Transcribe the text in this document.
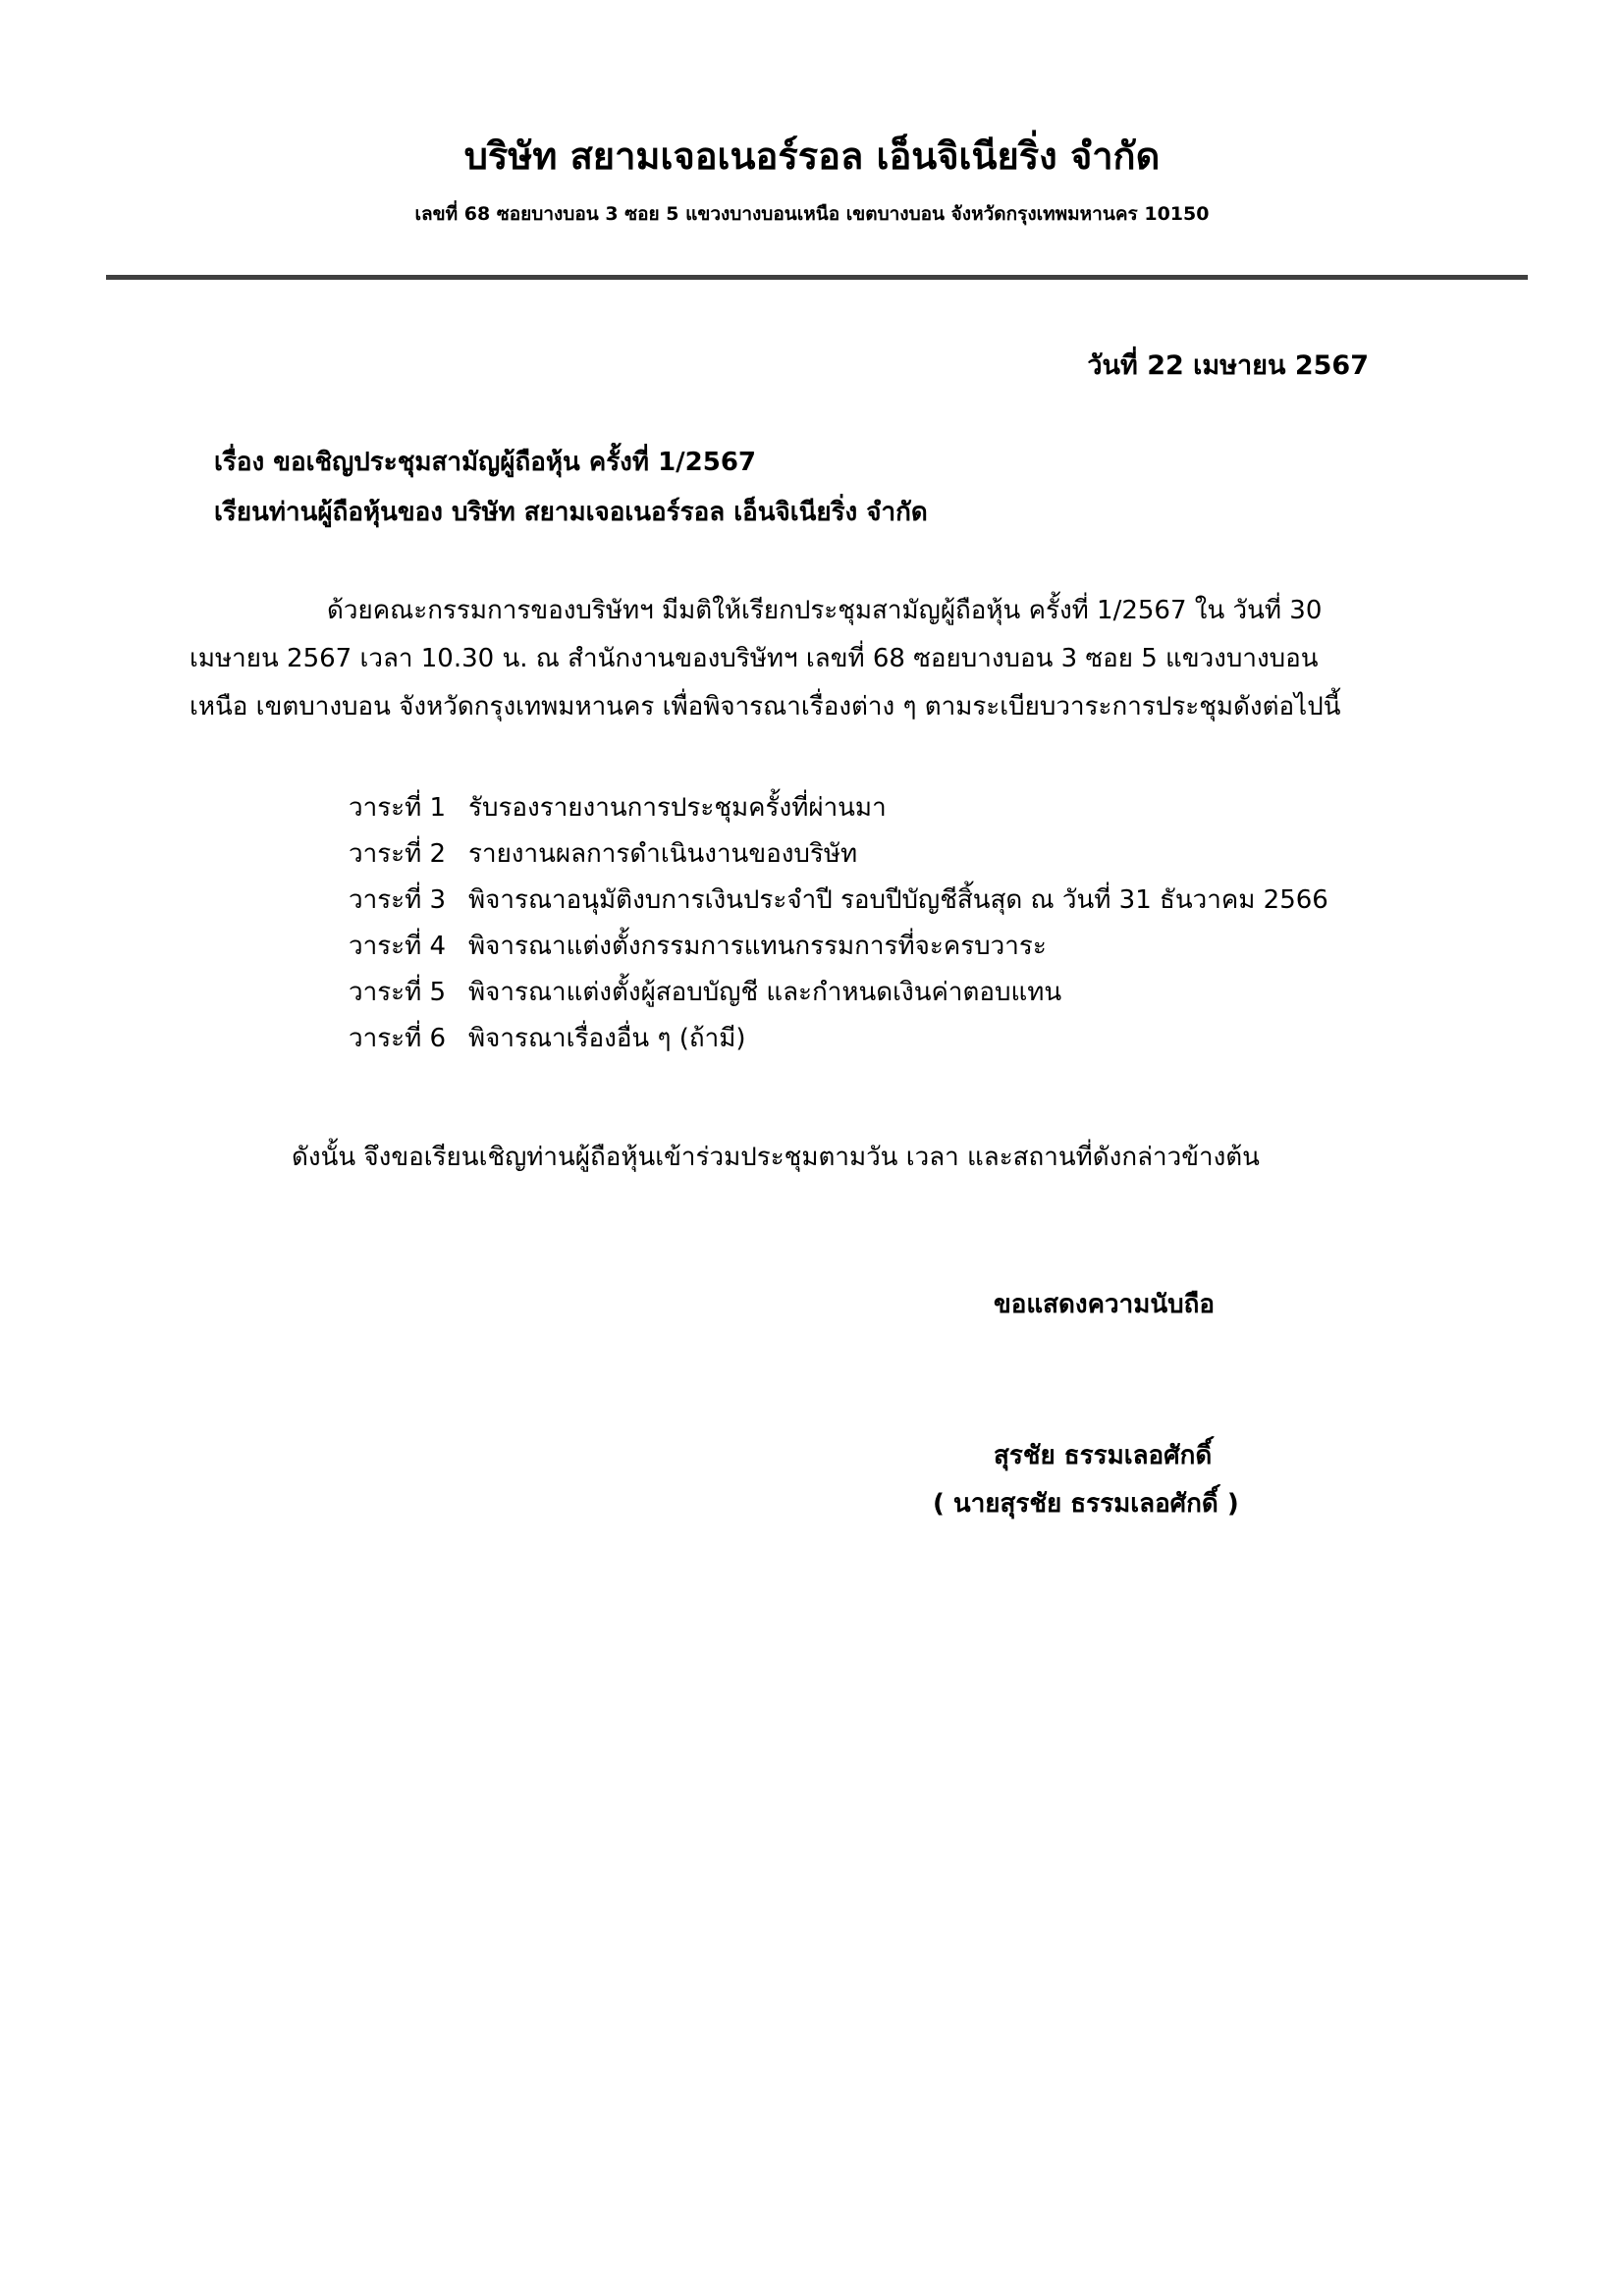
บริษัท สยามเจอเนอร์รอล เอ็นจิเนียริ่ง จำกัด
เลขที่ 68 ซอยบางบอน 3 ซอย 5 แขวงบางบอนเหนือ เขตบางบอน จังหวัดกรุงเทพมหานคร 10150
วันที่ 22 เมษายน 2567
เรื่อง ขอเชิญประชุมสามัญผู้ถือหุ้น ครั้งที่ 1/2567
เรียนท่านผู้ถือหุ้นของ บริษัท สยามเจอเนอร์รอล เอ็นจิเนียริ่ง จำกัด
ด้วยคณะกรรมการของบริษัทฯ มีมติให้เรียกประชุมสามัญผู้ถือหุ้น ครั้งที่ 1/2567 ใน วันที่ 30
เมษายน 2567 เวลา 10.30 น. ณ สำนักงานของบริษัทฯ เลขที่ 68 ซอยบางบอน 3 ซอย 5 แขวงบางบอน
เหนือ เขตบางบอน จังหวัดกรุงเทพมหานคร เพื่อพิจารณาเรื่องต่าง ๆ ตามระเบียบวาระการประชุมดังต่อไปนี้
วาระที่ 1 รับรองรายงานการประชุมครั้งที่ผ่านมา
วาระที่ 2 รายงานผลการดำเนินงานของบริษัท
วาระที่ 3 พิจารณาอนุมัติงบการเงินประจำปี รอบปีบัญชีสิ้นสุด ณ วันที่ 31 ธันวาคม 2566
วาระที่ 4 พิจารณาแต่งตั้งกรรมการแทนกรรมการที่จะครบวาระ
วาระที่ 5 พิจารณาแต่งตั้งผู้สอบบัญชี และกำหนดเงินค่าตอบแทน
วาระที่ 6 พิจารณาเรื่องอื่น ๆ (ถ้ามี)
ดังนั้น จึงขอเรียนเชิญท่านผู้ถือหุ้นเข้าร่วมประชุมตามวัน เวลา และสถานที่ดังกล่าวข้างต้น
ขอแสดงความนับถือ
สุรชัย ธรรมเลอศักดิ์
( นายสุรชัย ธรรมเลอศักดิ์ )
